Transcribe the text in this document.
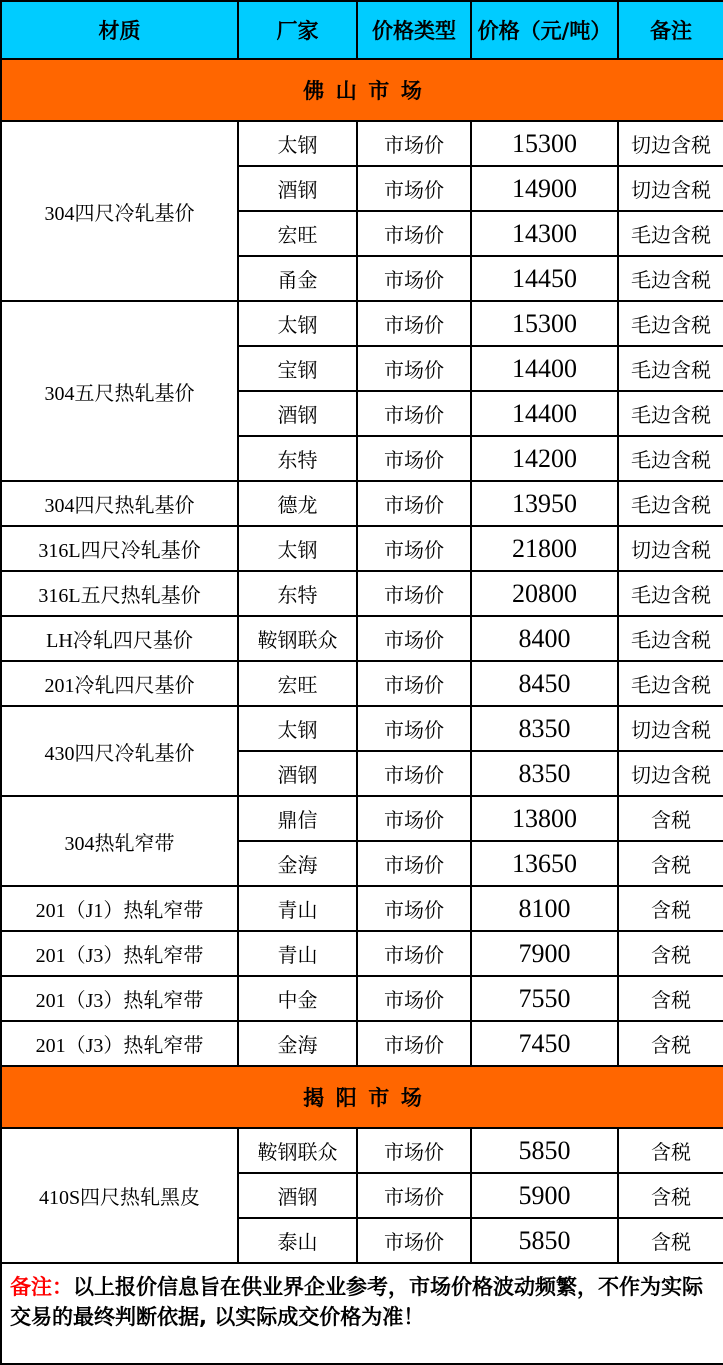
材质	厂家	价格类型	价格（元/吨）	备注
佛山市场				
304四尺冷轧基价	太钢	市场价	15300	切边含税
	酒钢	市场价	14900	切边含税
	宏旺	市场价	14300	毛边含税
	甬金	市场价	14450	毛边含税
304五尺热轧基价	太钢	市场价	15300	毛边含税
	宝钢	市场价	14400	毛边含税
	酒钢	市场价	14400	毛边含税
	东特	市场价	14200	毛边含税
304四尺热轧基价	德龙	市场价	13950	毛边含税
316L四尺冷轧基价	太钢	市场价	21800	切边含税
316L五尺热轧基价	东特	市场价	20800	毛边含税
LH冷轧四尺基价	鞍钢联众	市场价	8400	毛边含税
201冷轧四尺基价	宏旺	市场价	8450	毛边含税
430四尺冷轧基价	太钢	市场价	8350	切边含税
	酒钢	市场价	8350	切边含税
304热轧窄带	鼎信	市场价	13800	含税
	金海	市场价	13650	含税
201（J1）热轧窄带	青山	市场价	8100	含税
201（J3）热轧窄带	青山	市场价	7900	含税
201（J3）热轧窄带	中金	市场价	7550	含税
201（J3）热轧窄带	金海	市场价	7450	含税
揭阳市场				
410S四尺热轧黑皮	鞍钢联众	市场价	5850	含税
	酒钢	市场价	5900	含税
	泰山	市场价	5850	含税
备注：以上报价信息旨在供业界企业参考，市场价格波动频繁，不作为实际交易的最终判断依据, 以实际成交价格为准！				
